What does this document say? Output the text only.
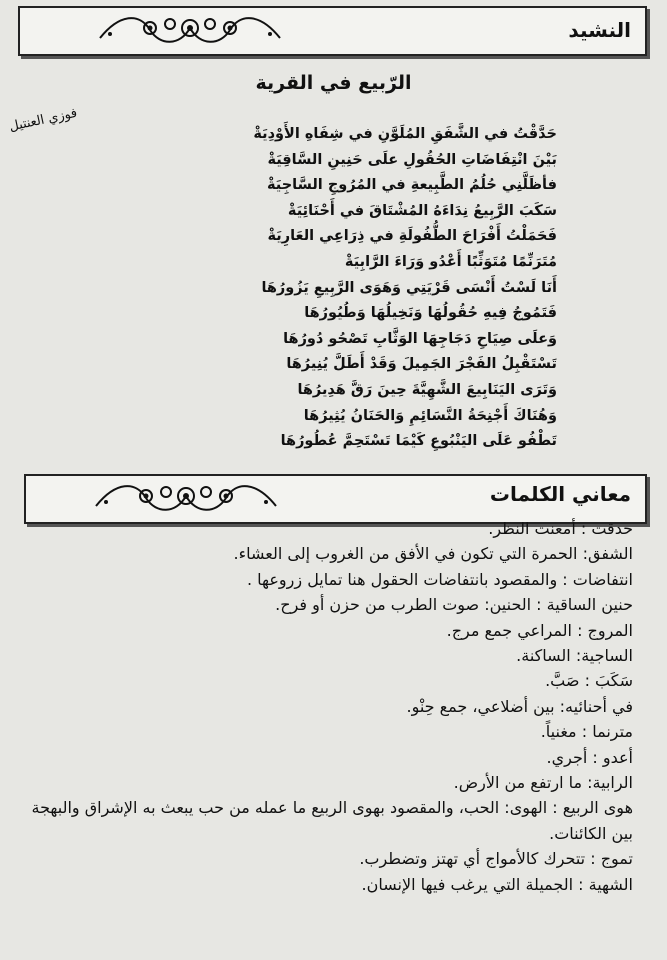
النشيد
الرّبيع في القرية
فوزي العنتيل	حَدَّقْتُ في الشَّفَقِ المُلَوَّنِ في شِفَاهِ الأَوْدِيَةْ
بَيْنَ انْتِفَاضَاتِ الحُقُولِ علَى حَنِينِ السَّاقِيَةْ
فأظَلَّنِي حُلُمُ الطَّبِيعةِ في المُرُوجِ السَّاجِيَةْ
سَكَبَ الرَّبِيعُ نِدَاءَهُ المُشْتَاقَ في أَحْنَائِيَةْ
فَحَمَلْتُ أَفْرَاحَ الطُّفُولَةِ في ذِرَاعِي العَارِيَةْ
مُتَرَنِّمًا مُتَوَثِّبًا أَعْدُو وَرَاءَ الرَّابِيَةْ
أَنَا لَسْتُ أَنْسَى قَرْيَتِي وَهَوَى الرَّبِيعِ يَزُورُهَا
فَتَمُوجُ فِيهِ حُقُولُهَا وَنَخِيلُهَا وَطُيُورُهَا
وَعلَى صِيَاحِ دَجَاجِهَا الوَثَّابِ تَصْحُو دُورُهَا
تَسْتَقْبِلُ الفَجْرَ الجَمِيلَ وَقَدْ أَطَلَّ يُنِيرُهَا
وَتَرَى اليَنَابِيعَ الشَّهِيَّةَ حِينَ رَقَّ هَدِيرُهَا
وَهُنَاكَ أَجْنِحَةُ النَّسَائِمِ وَالحَنَانُ يُثِيرُهَا
تَطْفُو عَلَى اليَنْبُوعِ كَيْمَا تَسْتَحِمَّ عُطُورُهَا
معاني الكلمات
حدقت : أمعنت النظر.
الشفق: الحمرة التي تكون في الأفق من الغروب إلى العشاء.
انتفاضات : والمقصود بانتفاضات الحقول هنا تمايل زروعها .
حنين الساقية : الحنين: صوت الطرب من حزن أو فرح.
المروج : المراعي جمع مرج.
الساجية: الساكنة.
سَكَبَ : صَبَّ.
في أحنائيه: بين أضلاعي، جمع حِنْو.
مترنما : مغنياً.
أعدو : أجري.
الرابية: ما ارتفع من الأرض.
هوى الربيع : الهوى: الحب، والمقصود بهوى الربيع ما عمله من حب يبعث به الإشراق والبهجة بين الكائنات.
تموج : تتحرك كالأمواج أي تهتز وتضطرب.
الشهية : الجميلة التي يرغب فيها الإنسان.
